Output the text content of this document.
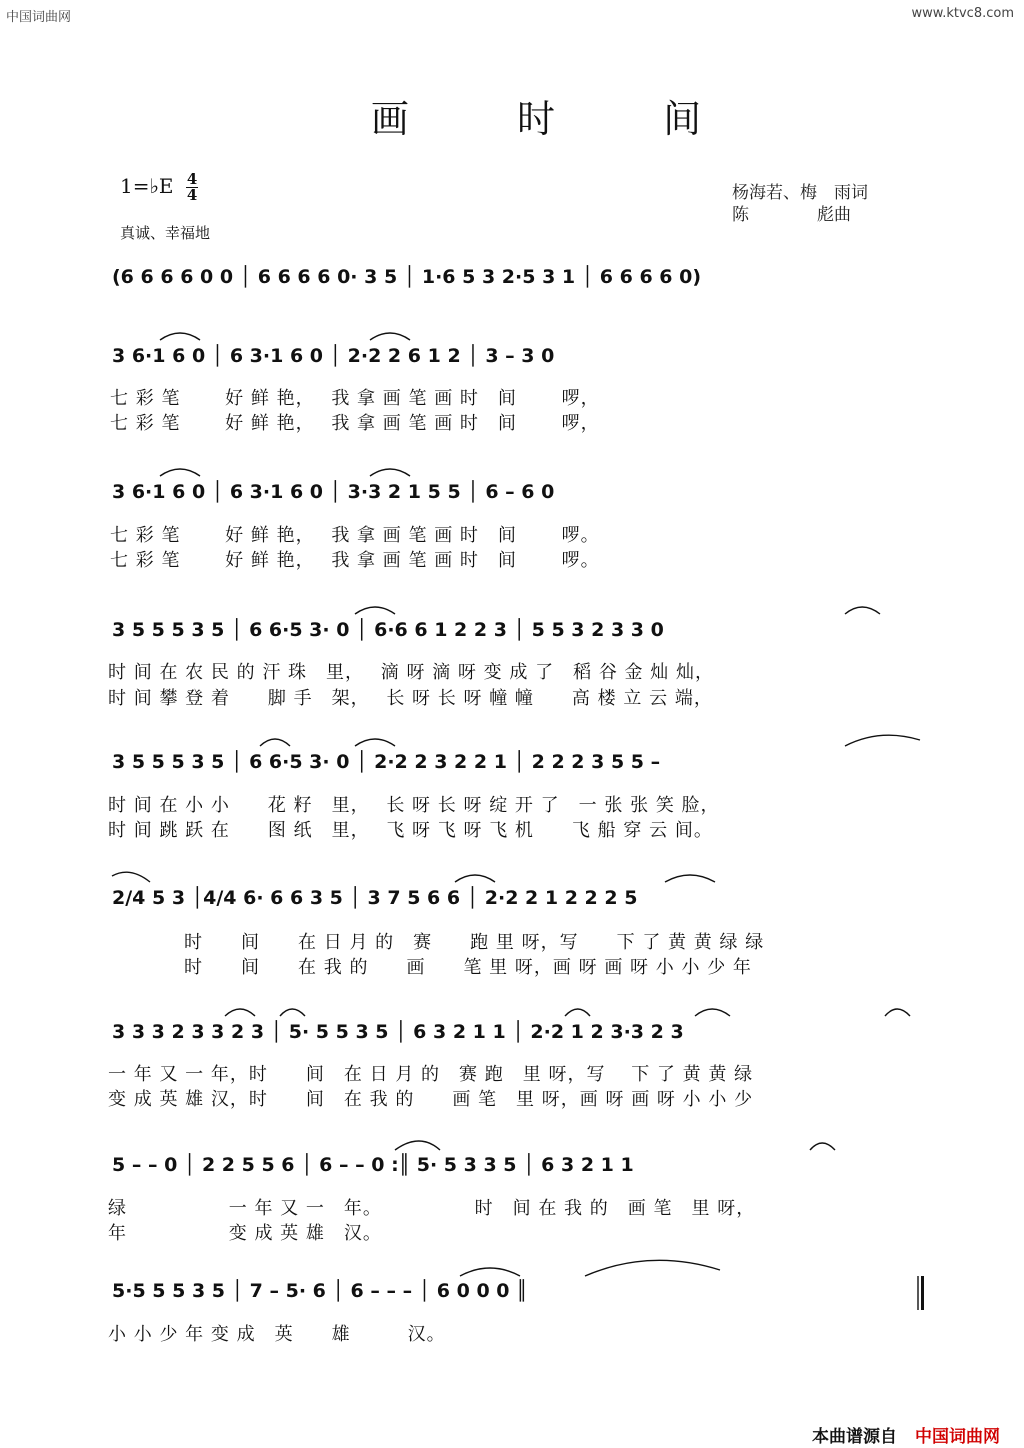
中国词曲网	www.ktvc8.com
画 时 间
1=♭E $\frac{4}{4}$	杨海若、梅　雨词
陈　　　　彪曲
真诚、幸福地
(6 6 6 6 0 0 │ 6 6 6 6 0· 3 5 │ 1·6 5 3 2·5 3 1 │ 6 6 6 6 0)
3 6·1 6 0 │ 6 3·1 6 0 │ 2·2 2 6 1 2 │ 3 – 3 0
七 彩 笔　　 好 鲜 艳，　 我 拿 画 笔 画 时　间　　 啰，
七 彩 笔　　 好 鲜 艳，　 我 拿 画 笔 画 时　间　　 啰，
3 6·1 6 0 │ 6 3·1 6 0 │ 3·3 2 1 5 5 │ 6 – 6 0
七 彩 笔　　 好 鲜 艳，　 我 拿 画 笔 画 时　间　　 啰。
七 彩 笔　　 好 鲜 艳，　 我 拿 画 笔 画 时　间　　 啰。
3 5 5 5 3 5 │ 6 6·5 3· 0 │ 6·6 6 1 2 2 3 │ 5 5 3 2 3 3 0
时 间 在 农 民 的 汗 珠　里，　 滴 呀 滴 呀 变 成 了　稻 谷 金 灿 灿，
时 间 攀 登 着　　脚 手　架，　 长 呀 长 呀 幢 幢　　高 楼 立 云 端，
3 5 5 5 3 5 │ 6 6·5 3· 0 │ 2·2 2 3 2 2 1 │ 2 2 2 3 5 5 –
时 间 在 小 小　　花 籽　里，　 长 呀 长 呀 绽 开 了　一 张 张 笑 脸，
时 间 跳 跃 在　　图 纸　里，　 飞 呀 飞 呀 飞 机　　飞 船 穿 云 间。
2/4 5 3 │4/4 6· 6 6 3 5 │ 3 7 5 6 6 │ 2·2 2 1 2 2 2 5
　　　　时　　间　　在 日 月 的　赛　　跑 里 呀，写　　下 了 黄 黄 绿 绿
　　　　时　　间　　在 我 的　　画　　笔 里 呀，画 呀 画 呀 小 小 少 年
3 3 3 2 3 3 2 3 │ 5· 5 5 3 5 │ 6 3 2 1 1 │ 2·2 1 2 3·3 2 3
一 年 又 一 年，时　　间　在 日 月 的　赛 跑　里 呀，写　 下 了 黄 黄 绿
变 成 英 雄 汉，时　　间　在 我 的　　画 笔　里 呀，画 呀 画 呀 小 小 少
5 – – 0 │ 2 2 5 5 6 │ 6 – – 0 :║ 5· 5 3 3 5 │ 6 3 2 1 1
绿　　　　　 一 年 又 一　年。　　　　　 时　间 在 我 的　画 笔　里 呀，
年　　　　　 变 成 英 雄　汉。
5·5 5 5 3 5 │ 7 – 5· 6 │ 6 – – – │ 6 0 0 0 ║
小 小 少 年 变 成　英　　雄　　　汉。
本曲谱源自 中国词曲网
